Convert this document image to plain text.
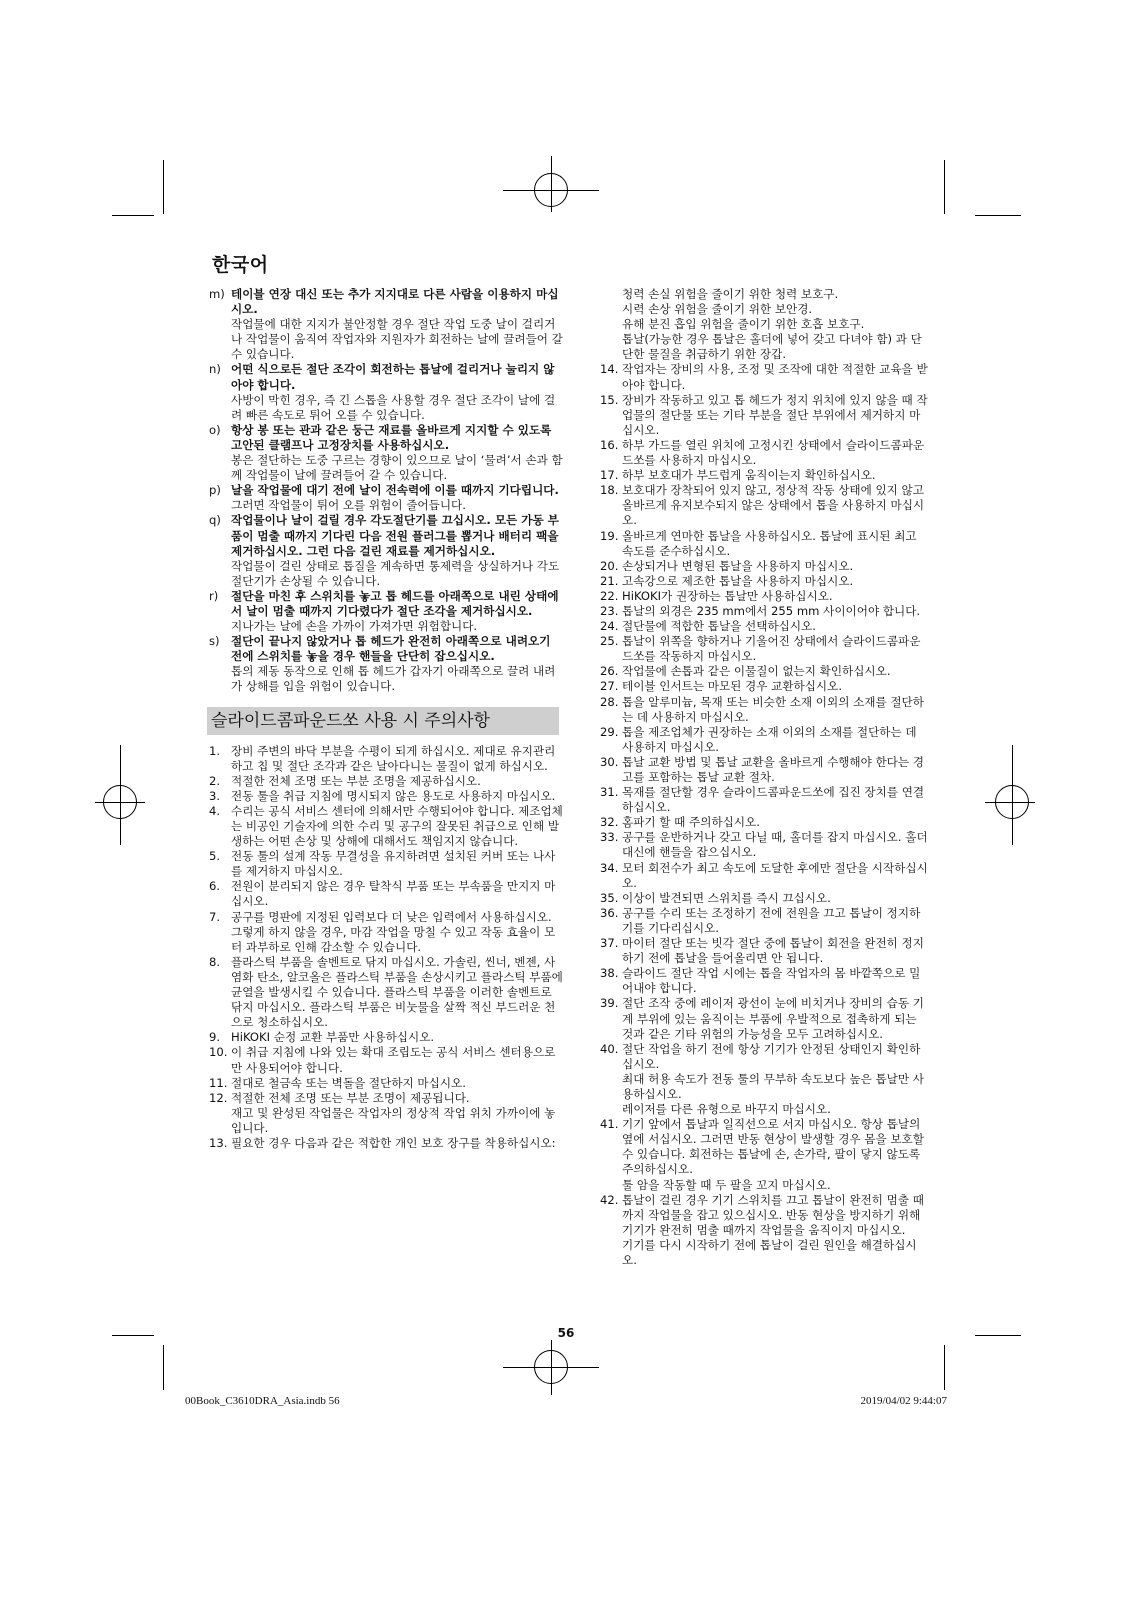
한국어
m) 테이블 연장 대신 또는 추가 지지대로 다른 사람을 이용하지 마십시오.
작업물에 대한 지지가 불안정할 경우 절단 작업 도중 날이 걸리거나 작업물이 움직여 작업자와 지원자가 회전하는 날에 끌려들어 갈 수 있습니다.
n) 어떤 식으로든 절단 조각이 회전하는 톱날에 걸리거나 눌리지 않아야 합니다.
사방이 막힌 경우, 즉 긴 스톱을 사용할 경우 절단 조각이 날에 걸려 빠른 속도로 튀어 오를 수 있습니다.
o) 항상 봉 또는 관과 같은 둥근 재료를 올바르게 지지할 수 있도록 고안된 클램프나 고정장치를 사용하십시오.
봉은 절단하는 도중 구르는 경향이 있으므로 날이 ‘물려’서 손과 함께 작업물이 날에 끌려들어 갈 수 있습니다.
p) 날을 작업물에 대기 전에 날이 전속력에 이를 때까지 기다립니다.
그러면 작업물이 튀어 오를 위험이 줄어듭니다.
q) 작업물이나 날이 걸릴 경우 각도절단기를 끄십시오. 모든 가동 부품이 멈출 때까지 기다린 다음 전원 플러그를 뽑거나 배터리 팩을 제거하십시오. 그런 다음 걸린 재료를 제거하십시오.
작업물이 걸린 상태로 톱질을 계속하면 통제력을 상실하거나 각도절단기가 손상될 수 있습니다.
r) 절단을 마친 후 스위치를 놓고 톱 헤드를 아래쪽으로 내린 상태에서 날이 멈출 때까지 기다렸다가 절단 조각을 제거하십시오.
지나가는 날에 손을 가까이 가져가면 위험합니다.
s) 절단이 끝나지 않았거나 톱 헤드가 완전히 아래쪽으로 내려오기 전에 스위치를 놓을 경우 핸들을 단단히 잡으십시오.
톱의 제동 동작으로 인해 톱 헤드가 갑자기 아래쪽으로 끌려 내려가 상해를 입을 위험이 있습니다.
슬라이드콤파운드쏘 사용 시 주의사항
1. 장비 주변의 바닥 부분을 수평이 되게 하십시오. 제대로 유지관리하고 칩 및 절단 조각과 같은 날아다니는 물질이 없게 하십시오.
2. 적절한 전체 조명 또는 부분 조명을 제공하십시오.
3. 전동 툴을 취급 지침에 명시되지 않은 용도로 사용하지 마십시오.
4. 수리는 공식 서비스 센터에 의해서만 수행되어야 합니다. 제조업체는 비공인 기술자에 의한 수리 및 공구의 잘못된 취급으로 인해 발생하는 어떤 손상 및 상해에 대해서도 책임지지 않습니다.
5. 전동 툴의 설계 작동 무결성을 유지하려면 설치된 커버 또는 나사를 제거하지 마십시오.
6. 전원이 분리되지 않은 경우 탈착식 부품 또는 부속품을 만지지 마십시오.
7. 공구를 명판에 지정된 입력보다 더 낮은 입력에서 사용하십시오. 그렇게 하지 않을 경우, 마감 작업을 망칠 수 있고 작동 효율이 모터 과부하로 인해 감소할 수 있습니다.
8. 플라스틱 부품을 솔벤트로 닦지 마십시오. 가솔린, 씬너, 벤젠, 사염화 탄소, 알코올은 플라스틱 부품을 손상시키고 플라스틱 부품에 균열을 발생시킬 수 있습니다. 플라스틱 부품을 이러한 솔벤트로 닦지 마십시오. 플라스틱 부품은 비눗물을 살짝 적신 부드러운 천으로 청소하십시오.
9. HiKOKI 순정 교환 부품만 사용하십시오.
10. 이 취급 지침에 나와 있는 확대 조립도는 공식 서비스 센터용으로만 사용되어야 합니다.
11. 절대로 철금속 또는 벽돌을 절단하지 마십시오.
12. 적절한 전체 조명 또는 부분 조명이 제공됩니다.
재고 및 완성된 작업물은 작업자의 정상적 작업 위치 가까이에 놓입니다.
13. 필요한 경우 다음과 같은 적합한 개인 보호 장구를 착용하십시오:
청력 손실 위험을 줄이기 위한 청력 보호구.
시력 손상 위험을 줄이기 위한 보안경.
유해 분진 흡입 위험을 줄이기 위한 호흡 보호구.
톱날(가능한 경우 톱날은 홀더에 넣어 갖고 다녀야 함) 과 단단한 물질을 취급하기 위한 장갑.
14. 작업자는 장비의 사용, 조정 및 조작에 대한 적절한 교육을 받아야 합니다.
15. 장비가 작동하고 있고 톱 헤드가 정지 위치에 있지 않을 때 작업물의 절단물 또는 기타 부분을 절단 부위에서 제거하지 마십시오.
16. 하부 가드를 열린 위치에 고정시킨 상태에서 슬라이드콤파운드쏘를 사용하지 마십시오.
17. 하부 보호대가 부드럽게 움직이는지 확인하십시오.
18. 보호대가 장착되어 있지 않고, 정상적 작동 상태에 있지 않고 올바르게 유지보수되지 않은 상태에서 톱을 사용하지 마십시오.
19. 올바르게 연마한 톱날을 사용하십시오. 톱날에 표시된 최고 속도를 준수하십시오.
20. 손상되거나 변형된 톱날을 사용하지 마십시오.
21. 고속강으로 제조한 톱날을 사용하지 마십시오.
22. HiKOKI가 권장하는 톱날만 사용하십시오.
23. 톱날의 외경은 235 mm에서 255 mm 사이이어야 합니다.
24. 절단물에 적합한 톱날을 선택하십시오.
25. 톱날이 위쪽을 향하거나 기울어진 상태에서 슬라이드콤파운드쏘를 작동하지 마십시오.
26. 작업물에 손톱과 같은 이물질이 없는지 확인하십시오.
27. 테이블 인서트는 마모된 경우 교환하십시오.
28. 톱을 알루미늄, 목재 또는 비슷한 소재 이외의 소재를 절단하는 데 사용하지 마십시오.
29. 톱을 제조업체가 권장하는 소재 이외의 소재를 절단하는 데 사용하지 마십시오.
30. 톱날 교환 방법 및 톱날 교환을 올바르게 수행해야 한다는 경고를 포함하는 톱날 교환 절차.
31. 목재를 절단할 경우 슬라이드콤파운드쏘에 집진 장치를 연결하십시오.
32. 홈파기 할 때 주의하십시오.
33. 공구를 운반하거나 갖고 다닐 때, 홀더를 잡지 마십시오. 홀더 대신에 핸들을 잡으십시오.
34. 모터 회전수가 최고 속도에 도달한 후에만 절단을 시작하십시오.
35. 이상이 발견되면 스위치를 즉시 끄십시오.
36. 공구를 수리 또는 조정하기 전에 전원을 끄고 톱날이 정지하기를 기다리십시오.
37. 마이터 절단 또는 빗각 절단 중에 톱날이 회전을 완전히 정지하기 전에 톱날을 들어올리면 안 됩니다.
38. 슬라이드 절단 작업 시에는 톱을 작업자의 몸 바깥쪽으로 밀어내야 합니다.
39. 절단 조작 중에 레이저 광선이 눈에 비치거나 장비의 습동 기계 부위에 있는 움직이는 부품에 우발적으로 접촉하게 되는 것과 같은 기타 위험의 가능성을 모두 고려하십시오.
40. 절단 작업을 하기 전에 항상 기기가 안정된 상태인지 확인하십시오.
최대 허용 속도가 전동 툴의 무부하 속도보다 높은 톱날만 사용하십시오.
레이저를 다른 유형으로 바꾸지 마십시오.
41. 기기 앞에서 톱날과 일직선으로 서지 마십시오. 항상 톱날의 옆에 서십시오. 그러면 반동 현상이 발생할 경우 몸을 보호할 수 있습니다. 회전하는 톱날에 손, 손가락, 팔이 닿지 않도록 주의하십시오.
툴 암을 작동할 때 두 팔을 꼬지 마십시오.
42. 톱날이 걸린 경우 기기 스위치를 끄고 톱날이 완전히 멈출 때까지 작업물을 잡고 있으십시오. 반동 현상을 방지하기 위해 기기가 완전히 멈출 때까지 작업물을 움직이지 마십시오.
기기를 다시 시작하기 전에 톱날이 걸린 원인을 해결하십시오.
56
00Book_C3610DRA_Asia.indb 56	2019/04/02 9:44:07
